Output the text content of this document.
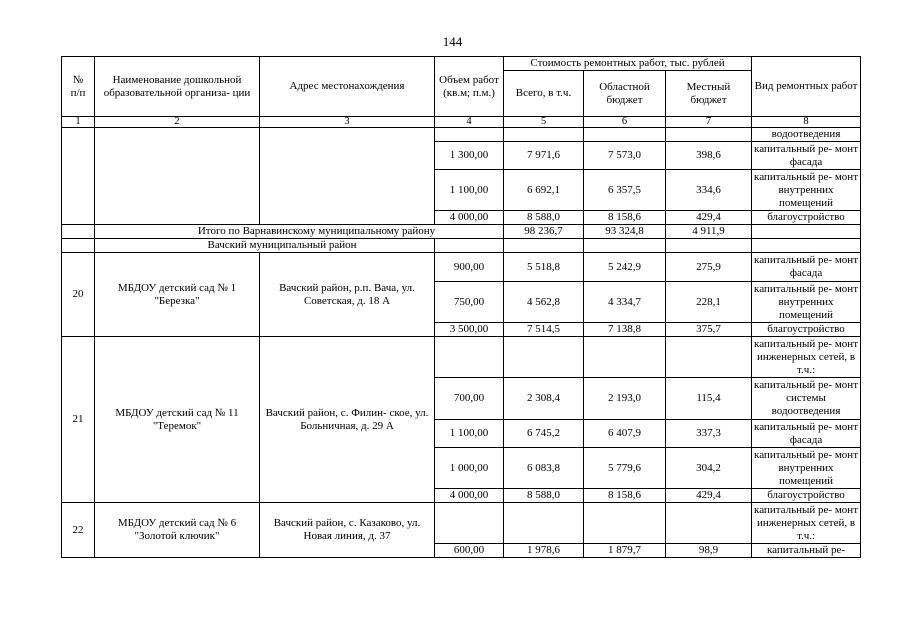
144
№
п/п	Наименование дошкольной образовательной организа- ции	Адрес местонахождения	Объем работ (кв.м; п.м.)	Стоимость ремонтных работ, тыс. рублей			Вид ремонтных работ
				Всего, в т.ч.	Областной бюджет	Местный бюджет	
1	2	3	4	5	6	7	8
							водоотведения
			1 300,00	7 971,6	7 573,0	398,6	капитальный ре- монт фасада
			1 100,00	6 692,1	6 357,5	334,6	капитальный ре- монт внутренних помещений
			4 000,00	8 588,0	8 158,6	429,4	благоустройство
	Итого по Варнавинскому муниципальному району			98 236,7	93 324,8	4 911,9	
	Вачский муниципальный район						
20	МБДОУ детский сад № 1 "Березка"	Вачский район, р.п. Вача, ул. Советская, д. 18 А	900,00	5 518,8	5 242,9	275,9	капитальный ре- монт фасада
			750,00	4 562,8	4 334,7	228,1	капитальный ре- монт внутренних помещений
			3 500,00	7 514,5	7 138,8	375,7	благоустройство
21	МБДОУ детский сад № 11 "Теремок"	Вачский район, с. Филин- ское, ул. Больничная, д. 29 А					капитальный ре- монт инженерных сетей, в т.ч.:
			700,00	2 308,4	2 193,0	115,4	капитальный ре- монт системы водоотведения
			1 100,00	6 745,2	6 407,9	337,3	капитальный ре- монт фасада
			1 000,00	6 083,8	5 779,6	304,2	капитальный ре- монт внутренних помещений
			4 000,00	8 588,0	8 158,6	429,4	благоустройство
22	МБДОУ детский сад № 6 "Золотой ключик"	Вачский район, с. Казаково, ул. Новая линия, д. 37					капитальный ре- монт инженерных сетей, в т.ч.:
			600,00	1 978,6	1 879,7	98,9	капитальный ре-
